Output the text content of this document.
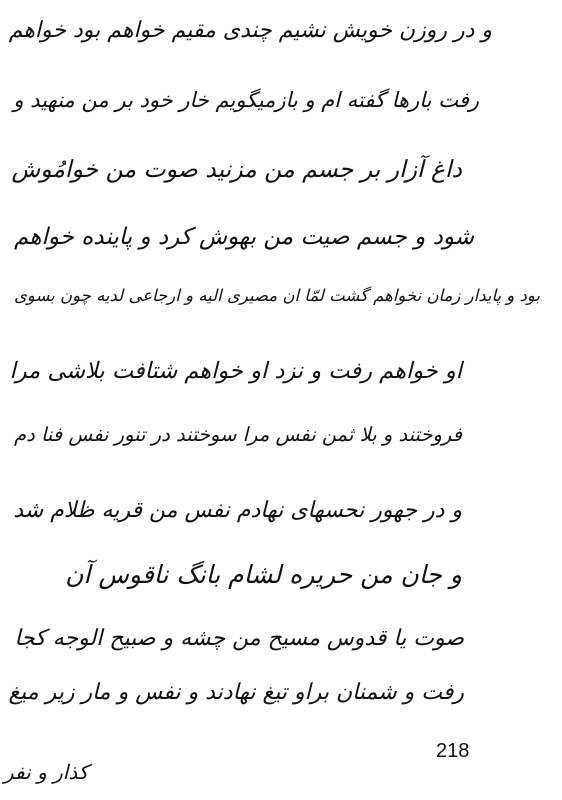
و در روزن خویش نشیم چندی مقیم خواهم بود خواهم
رفت بارها گفته ام و بازمیگویم خار خود بر من منهید و
داغ آزار بر جسم من مزنید صوت من خوامُوش
شود و جسم صیت من بهوش کرد و پاینده خواهم
بود و پایدار زمان نخواهم گشت لمّا ان مصیری الیه و ارجاعی لدیه چون بسوی
او خواهم رفت و نزد او خواهم شتافت بلاشی مرا
فروختند و بلا ثمن نفس مرا سوختند در تنور نفس فنا دم
و در جهور نحسهای نهادم نفس من قریه ظلام شد
و جان من حریره لشام بانگ ناقوس آن
صوت یا قدوس مسیح من چشه و صبیح الوجه کجا
رفت و شمنان براو تیغ نهادند و نفس و مار زیر میغ
218
کذار و نفر
